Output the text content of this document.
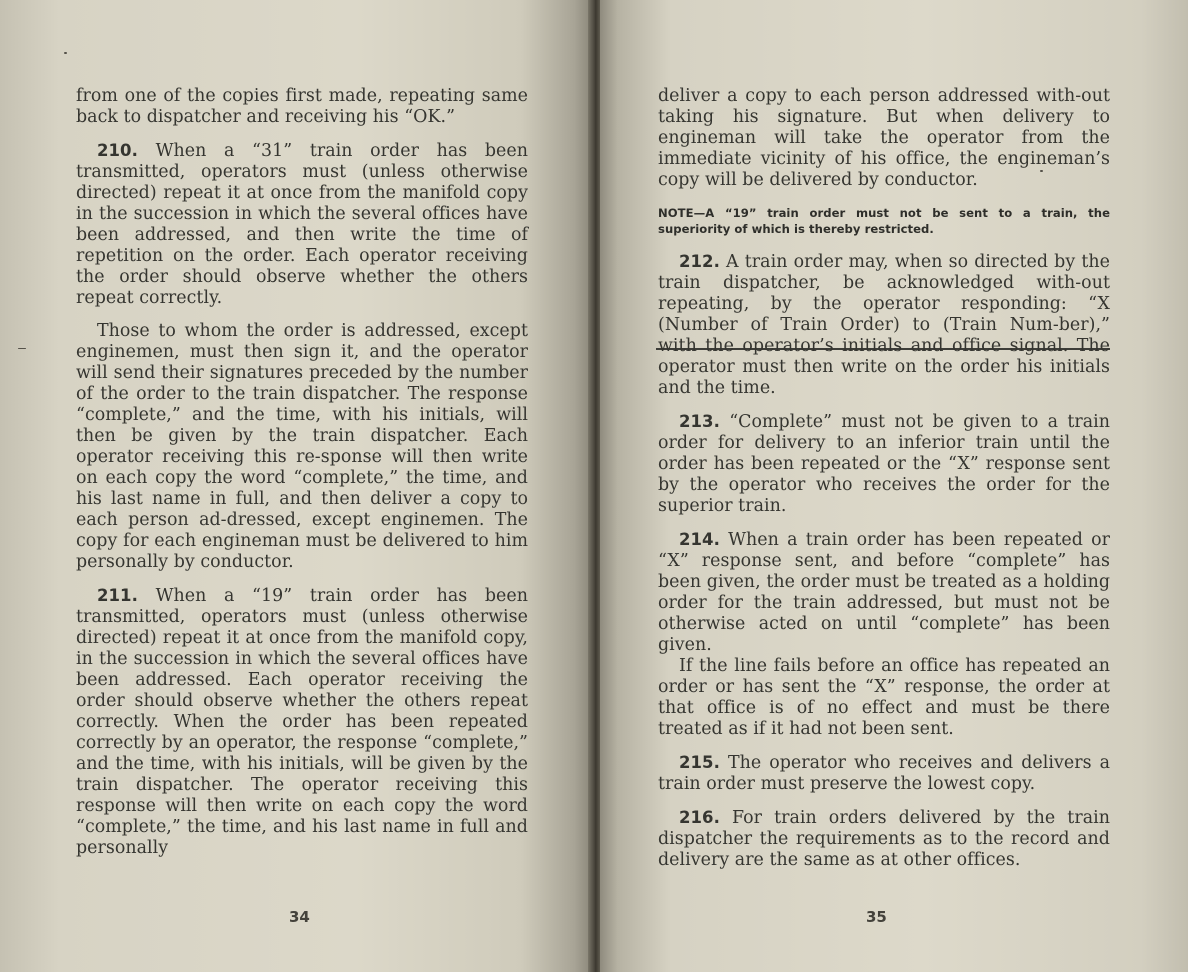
from one of the copies first made, repeating same back to dispatcher and receiving his “OK.”

210. When a “31” train order has been transmitted, operators must (unless otherwise directed) repeat it at once from the manifold copy in the succession in which the several offices have been addressed, and then write the time of repetition on the order. Each operator receiving the order should observe whether the others repeat correctly.

Those to whom the order is addressed, except enginemen, must then sign it, and the operator will send their signatures preceded by the number of the order to the train dispatcher. The response “complete,” and the time, with his initials, will then be given by the train dispatcher. Each operator receiving this re-sponse will then write on each copy the word “complete,” the time, and his last name in full, and then deliver a copy to each person ad-dressed, except enginemen. The copy for each engineman must be delivered to him personally by conductor.

211. When a “19” train order has been transmitted, operators must (unless otherwise directed) repeat it at once from the manifold copy, in the succession in which the several offices have been addressed. Each operator receiving the order should observe whether the others repeat correctly. When the order has been repeated correctly by an operator, the response “complete,” and the time, with his initials, will be given by the train dispatcher. The operator receiving this response will then write on each copy the word “complete,” the time, and his last name in full and personally

34

deliver a copy to each person addressed with-out taking his signature. But when delivery to engineman will take the operator from the immediate vicinity of his office, the engineman’s copy will be delivered by conductor.

NOTE—A “19” train order must not be sent to a train, the superiority of which is thereby restricted.

212. A train order may, when so directed by the train dispatcher, be acknowledged with-out repeating, by the operator responding: “X (Number of Train Order) to (Train Num-ber),” with the operator’s initials and office signal. The operator must then write on the order his initials and the time.

213. “Complete” must not be given to a train order for delivery to an inferior train until the order has been repeated or the “X” response sent by the operator who receives the order for the superior train.

214. When a train order has been repeated or “X” response sent, and before “complete” has been given, the order must be treated as a holding order for the train addressed, but must not be otherwise acted on until “complete” has been given.

If the line fails before an office has repeated an order or has sent the “X” response, the order at that office is of no effect and must be there treated as if it had not been sent.

215. The operator who receives and delivers a train order must preserve the lowest copy.

216. For train orders delivered by the train dispatcher the requirements as to the record and delivery are the same as at other offices.

35
